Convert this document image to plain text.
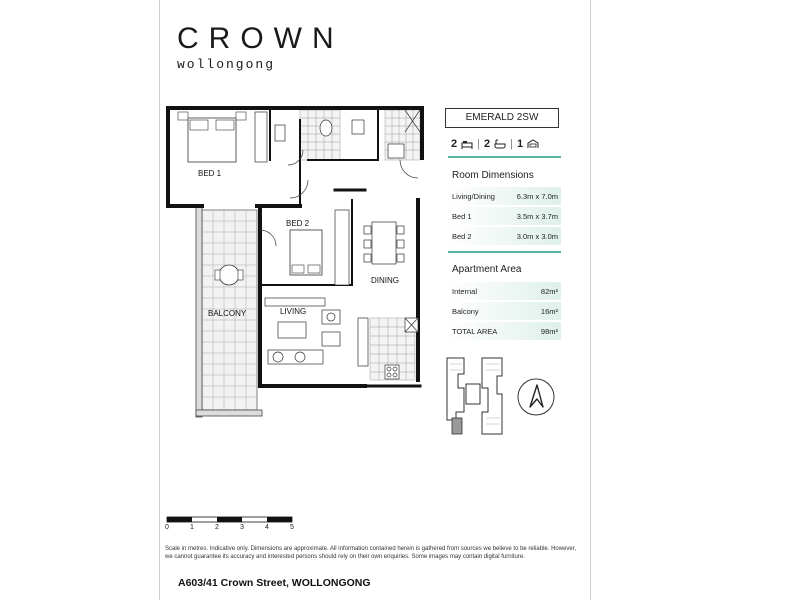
CROWN
wollongong
BED 1
BED 2
DINING
LIVING
BALCONY
EMERALD 2SW
2 | 2 | 1
Room Dimensions
Living/Dining	6.3m x 7.0m
Bed 1	3.5m x 3.7m
Bed 2	3.0m x 3.0m
Apartment Area
Internal	82m²
Balcony	16m²
TOTAL AREA	98m²
0	1	2	3	4	5
Scale in metres. Indicative only. Dimensions are approximate. All information contained herein is gathered from sources we believe to be reliable. However, we cannot guarantee its accuracy and interested persons should rely on their own enquiries. Some images may contain digital furniture.
A603/41 Crown Street, WOLLONGONG
